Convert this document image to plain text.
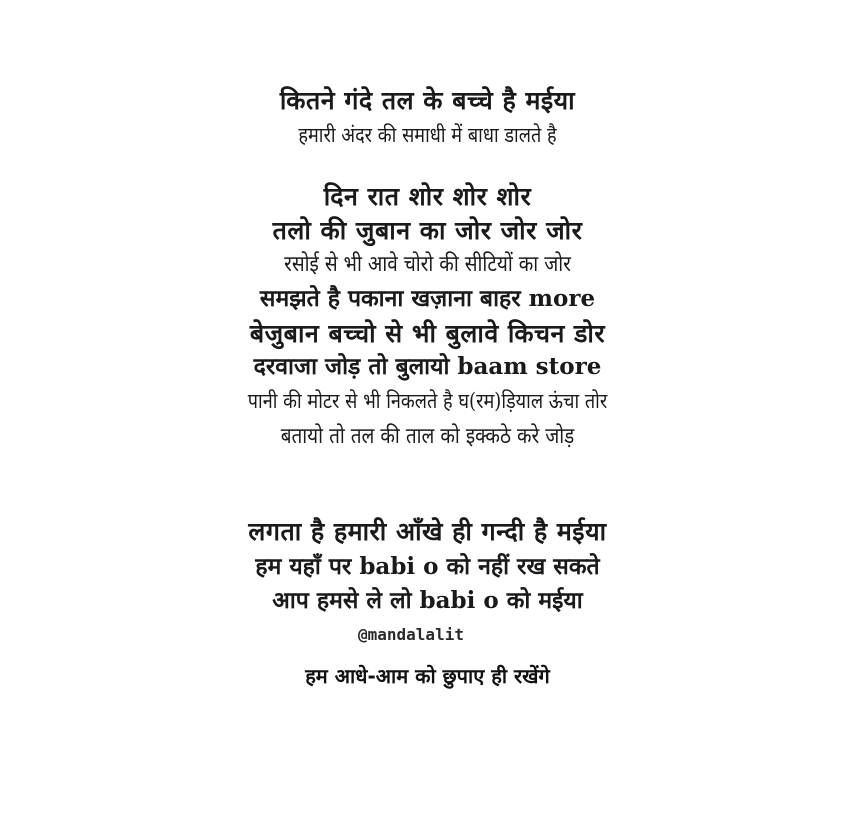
कितने गंदे तल के बच्चे है मईया
हमारी अंदर की समाधी में बाधा डालते है
दिन रात शोर शोर शोर
तलो की जुबान का जोर जोर जोर
रसोई से भी आवे चोरो की सीटियों का जोर
समझते है पकाना खज़ाना बाहर more
बेजुबान बच्चो से भी बुलावे किचन डोर
दरवाजा जोड़ तो बुलायो baam store
पानी की मोटर से भी निकलते है घ(रम)ड़ियाल ऊंचा तोर
बतायो तो तल की ताल को इक्कठे करे जोड़
लगता है हमारी आँखे ही गन्दी है मईया
हम यहाँ पर babi o को नहीं रख सकते
आप हमसे ले लो babi o को मईया
@mandalalit
हम आधे-आम को छुपाए ही रखेंगे
